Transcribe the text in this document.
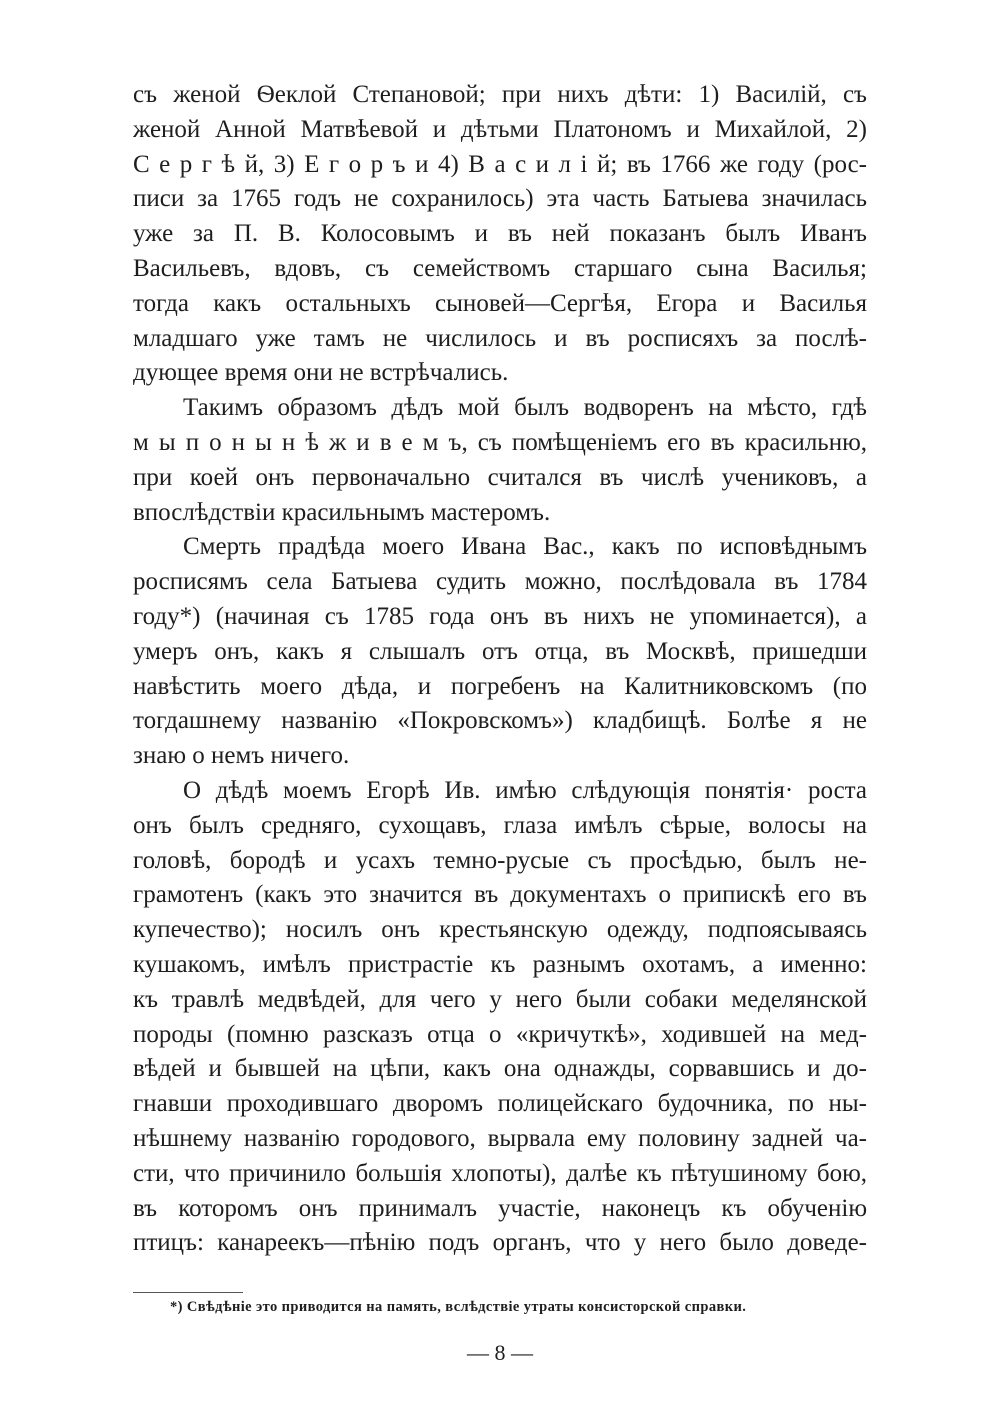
съ женой Ѳеклой Степановой; при нихъ дѣти: 1) Василій, съ
женой Анной Матвѣевой и дѣтьми Платономъ и Михайлой, 2)
С е р г ѣ й, 3) Е г о р ъ и 4) В а с и л і й; въ 1766 же году (рос-
писи за 1765 годъ не сохранилось) эта часть Батыева значилась
уже за П. В. Колосовымъ и въ ней показанъ былъ Иванъ
Васильевъ, вдовъ, съ семействомъ старшаго сына Василья;
тогда какъ остальныхъ сыновей—Сергѣя, Егора и Василья
младшаго уже тамъ не числилось и въ росписяхъ за послѣ-
дующее время они не встрѣчались.
Такимъ образомъ дѣдъ мой былъ водворенъ на мѣсто, гдѣ
м ы п о н ы н ѣ ж и в е м ъ, съ помѣщеніемъ его въ красильню,
при коей онъ первоначально считался въ числѣ учениковъ, а
впослѣдствіи красильнымъ мастеромъ.
Смерть прадѣда моего Ивана Вас., какъ по исповѣднымъ
росписямъ села Батыева судить можно, послѣдовала въ 1784
году*) (начиная съ 1785 года онъ въ нихъ не упоминается), а
умеръ онъ, какъ я слышалъ отъ отца, въ Москвѣ, пришедши
навѣстить моего дѣда, и погребенъ на Калитниковскомъ (по
тогдашнему названію «Покровскомъ») кладбищѣ. Болѣе я не
знаю о немъ ничего.
О дѣдѣ моемъ Егорѣ Ив. имѣю слѣдующія понятія· роста
онъ былъ средняго, сухощавъ, глаза имѣлъ сѣрые, волосы на
головѣ, бородѣ и усахъ темно-русые съ просѣдью, былъ не-
грамотенъ (какъ это значится въ документахъ о припискѣ его въ
купечество); носилъ онъ крестьянскую одежду, подпоясываясь
кушакомъ, имѣлъ пристрастіе къ разнымъ охотамъ, а именно:
къ травлѣ медвѣдей, для чего у него были собаки меделянской
породы (помню разсказъ отца о «кричуткѣ», ходившей на мед-
вѣдей и бывшей на цѣпи, какъ она однажды, сорвавшись и до-
гнавши проходившаго дворомъ полицейскаго будочника, по ны-
нѣшнему названію городового, вырвала ему половину задней ча-
сти, что причинило большія хлопоты), далѣе къ пѣтушиному бою,
въ которомъ онъ принималъ участіе, наконецъ къ обученію
птицъ: канареекъ—пѣнію подъ органъ, что у него было доведе-
*) Свѣдѣніе это приводится на память, вслѣдствіе утраты консисторской справки.
— 8 —
